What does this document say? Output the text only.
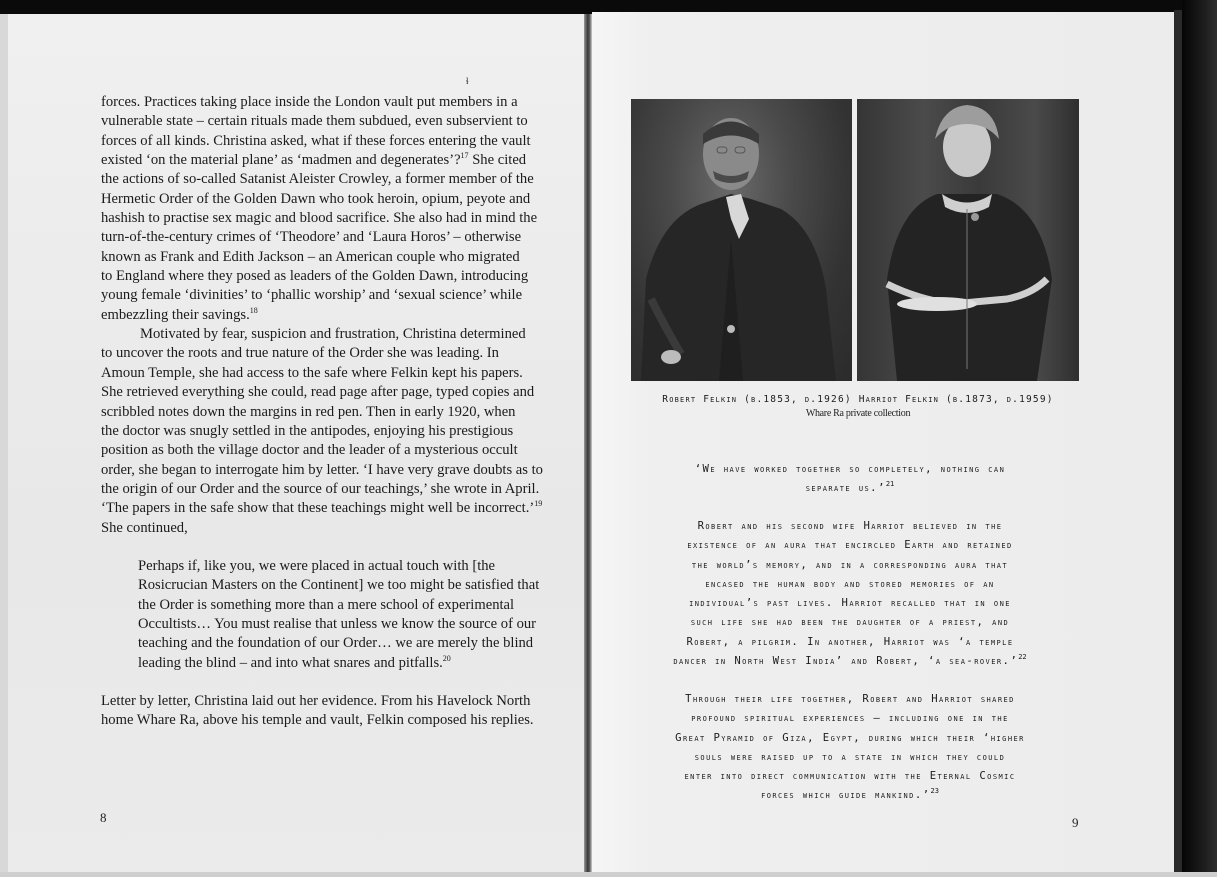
ɬ

forces. Practices taking place inside the London vault put members in a
vulnerable state – certain rituals made them subdued, even subservient to
forces of all kinds. Christina asked, what if these forces entering the vault
existed ‘on the material plane’ as ‘madmen and degenerates’?$^{17}$ She cited
the actions of so-called Satanist Aleister Crowley, a former member of the
Hermetic Order of the Golden Dawn who took heroin, opium, peyote and
hashish to practise sex magic and blood sacrifice. She also had in mind the
turn-of-the-century crimes of ‘Theodore’ and ‘Laura Horos’ – otherwise
known as Frank and Edith Jackson – an American couple who migrated
to England where they posed as leaders of the Golden Dawn, introducing
young female ‘divinities’ to ‘phallic worship’ and ‘sexual science’ while
embezzling their savings.$^{18}$

Motivated by fear, suspicion and frustration, Christina determined
to uncover the roots and true nature of the Order she was leading. In
Amoun Temple, she had access to the safe where Felkin kept his papers.
She retrieved everything she could, read page after page, typed copies and
scribbled notes down the margins in red pen. Then in early 1920, when
the doctor was snugly settled in the antipodes, enjoying his prestigious
position as both the village doctor and the leader of a mysterious occult
order, she began to interrogate him by letter. ‘I have very grave doubts as to
the origin of our Order and the source of our teachings,’ she wrote in April.
‘The papers in the safe show that these teachings might well be incorrect.’$^{19}$
She continued,

Perhaps if, like you, we were placed in actual touch with [the
Rosicrucian Masters on the Continent] we too might be satisfied that
the Order is something more than a mere school of experimental
Occultists… You must realise that unless we know the source of our
teaching and the foundation of our Order… we are merely the blind
leading the blind – and into what snares and pitfalls.$^{20}$

Letter by letter, Christina laid out her evidence. From his Havelock North
home Whare Ra, above his temple and vault, Felkin composed his replies.

8
Robert Felkin (b.1853, d.1926) Harriot Felkin (b.1873, d.1959)
Whare Ra private collection
‘We have worked together so completely, nothing can
separate us.’$^{21}$
Robert and his second wife Harriot believed in the
existence of an aura that encircled Earth and retained
the world’s memory, and in a corresponding aura that
encased the human body and stored memories of an
individual’s past lives. Harriot recalled that in one
such life she had been the daughter of a priest, and
Robert, a pilgrim. In another, Harriot was ‘a temple
dancer in North West India’ and Robert, ‘a sea-rover.’$^{22}$
Through their life together, Robert and Harriot shared
profound spiritual experiences – including one in the
Great Pyramid of Giza, Egypt, during which their ‘higher
souls were raised up to a state in which they could
enter into direct communication with the Eternal Cosmic
forces which guide mankind.’$^{23}$
9
